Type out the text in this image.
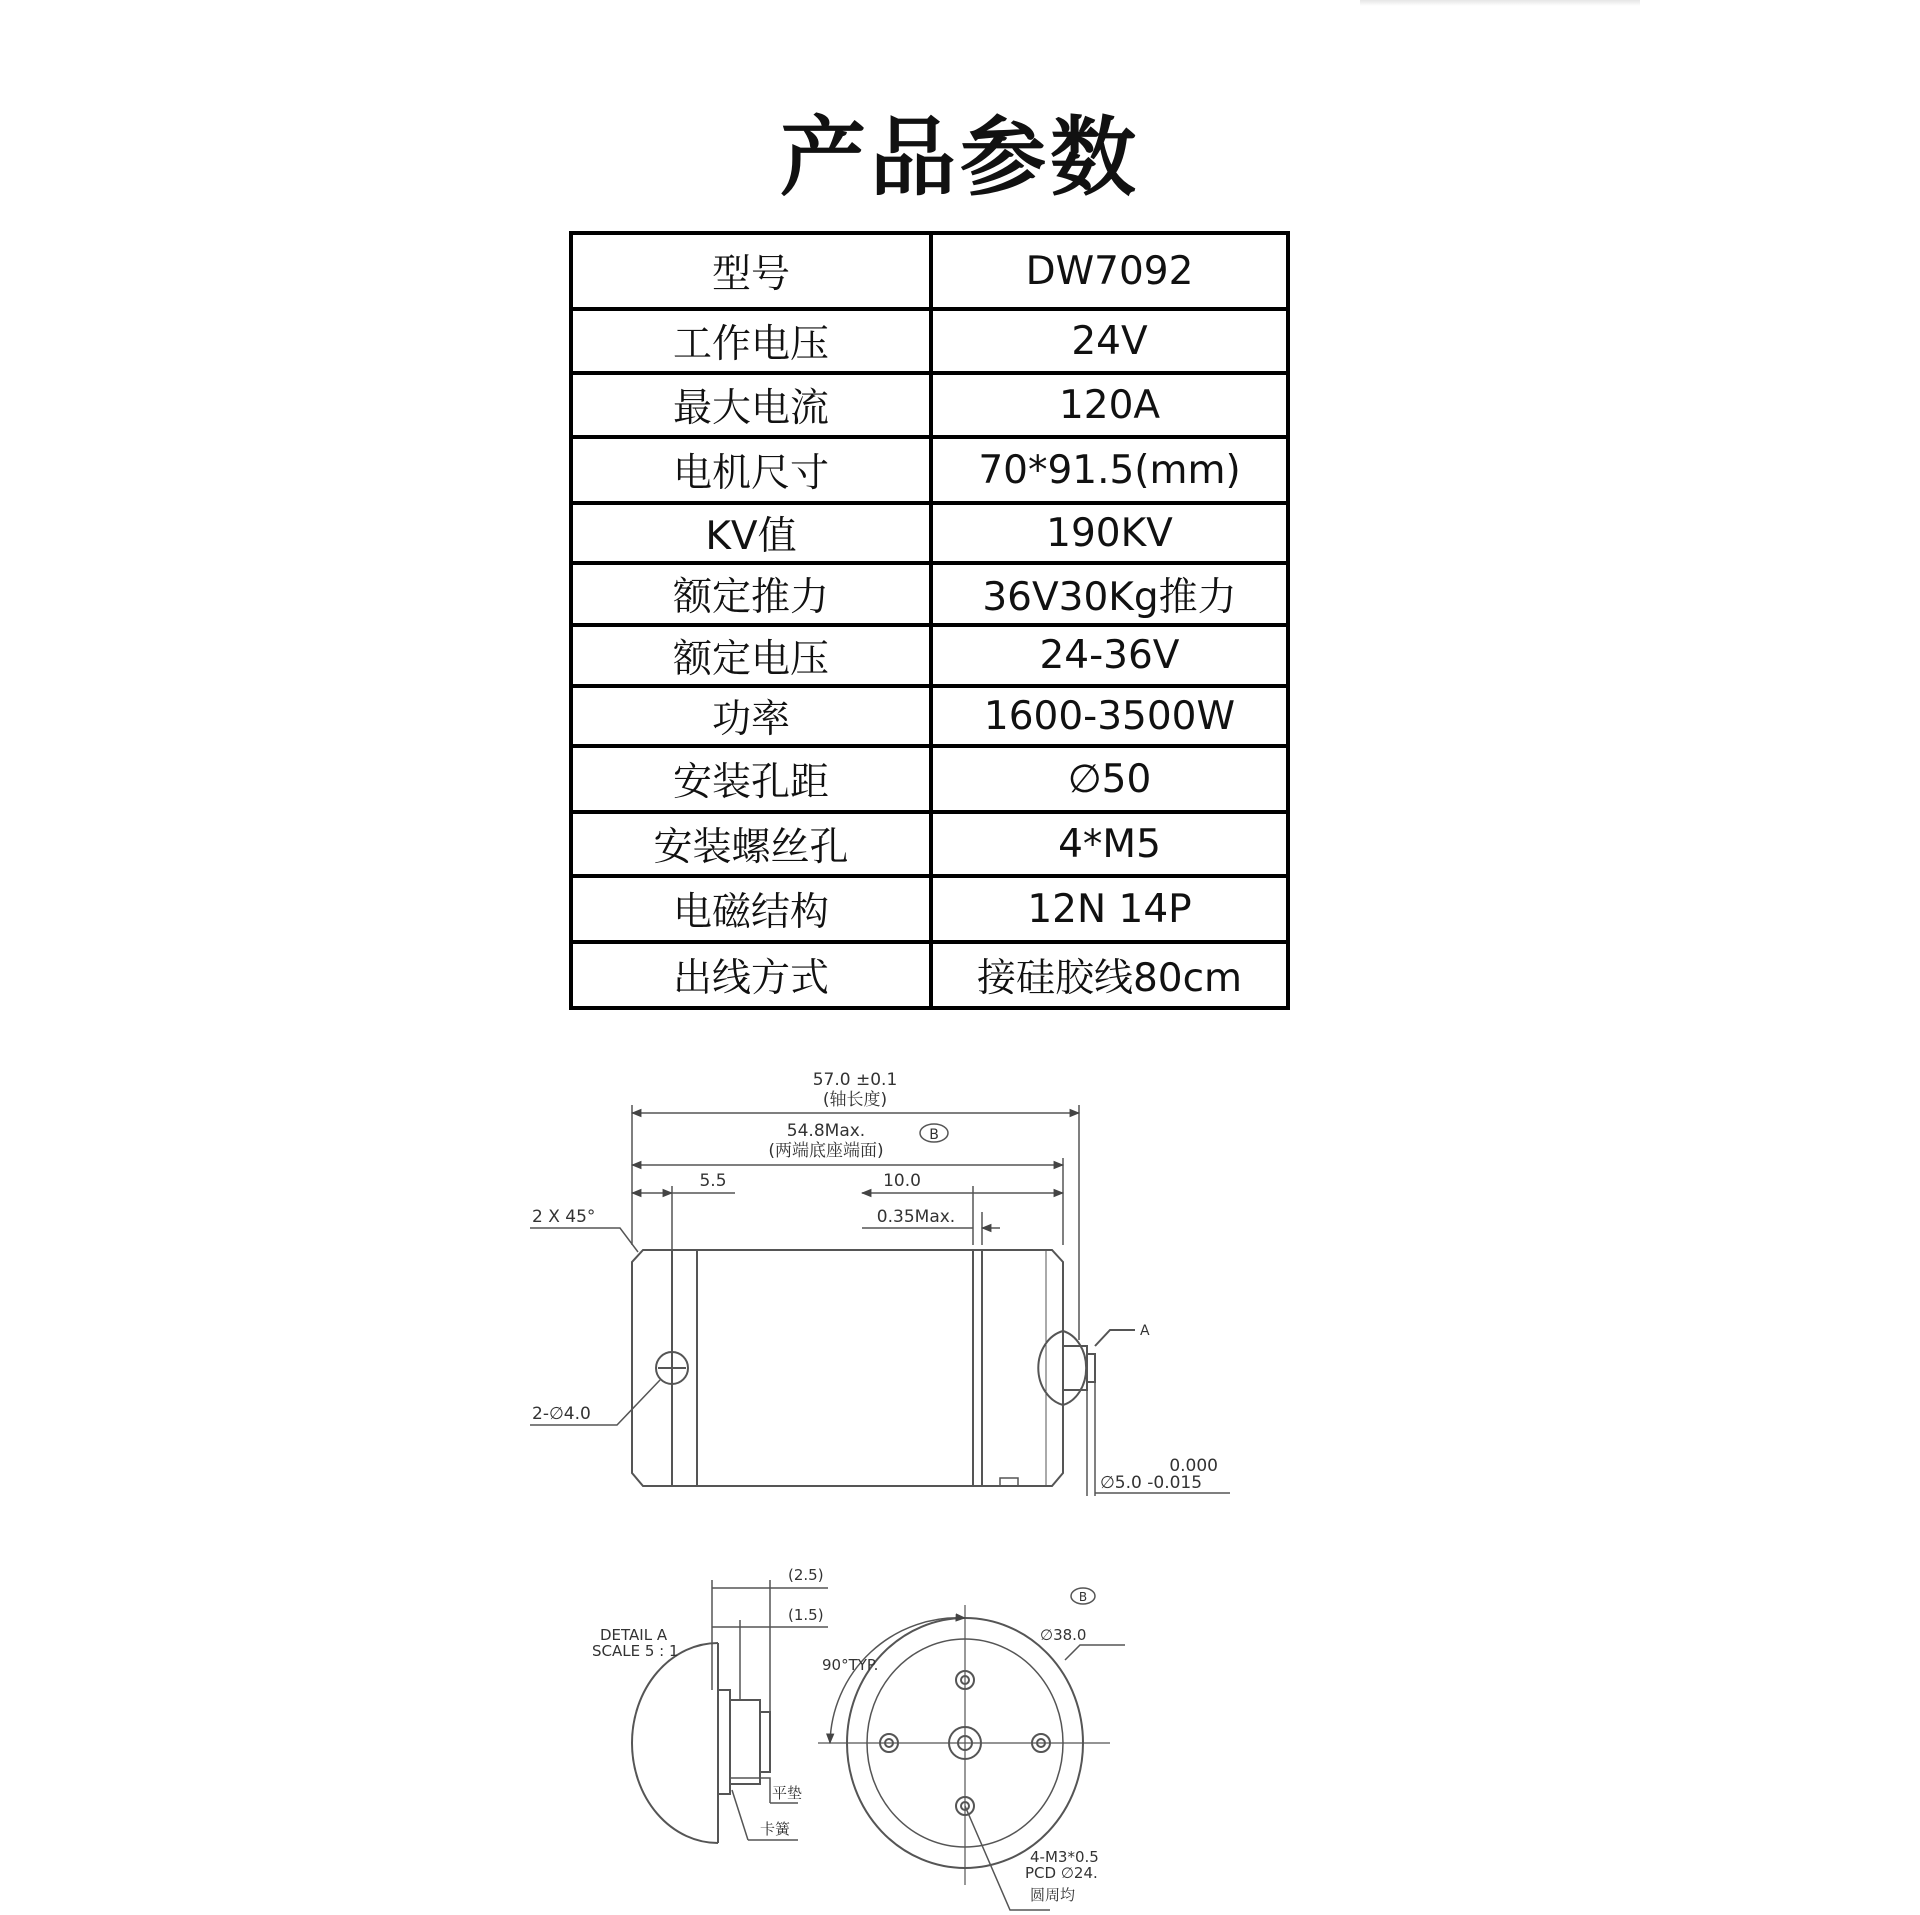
产品参数
型号	DW7092
工作电压	24V
最大电流	120A
电机尺寸	70*91.5(mm)
KV值	190KV
额定推力	36V30Kg推力
额定电压	24-36V
功率	1600-3500W
安装孔距	∅50
安装螺丝孔	4*M5
电磁结构	12N 14P
出线方式	接硅胶线80cm
57.0 ±0.1
(轴长度)
54.8Max.
(两端底座端面)
B
5.5	10.0
0.35Max.
2 X 45°
2-∅4.0
A
0.000
∅5.0 -0.015
(2.5)
(1.5)
DETAIL A
SCALE 5 : 1
平垫
卡簧
90°TYP.
B
∅38.0
4-M3*0.5
PCD ∅24.
圆周均
